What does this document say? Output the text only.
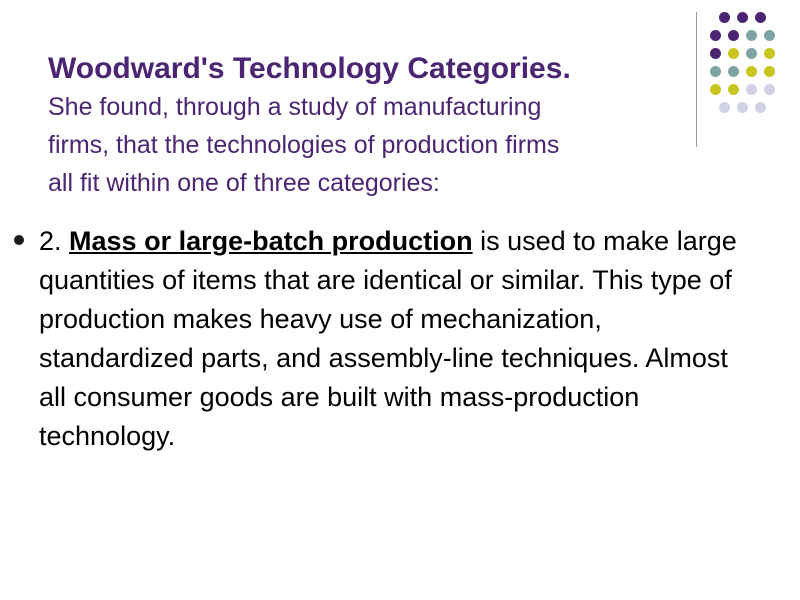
Woodward's Technology Categories.
She found, through a study of manufacturing
firms, that the technologies of production firms
all fit within one of three categories:
2. Mass or large-batch production is used to make large quantities of items that are identical or similar. This type of production makes heavy use of mechanization, standardized parts, and assembly-line techniques. Almost all consumer goods are built with mass-production technology.
